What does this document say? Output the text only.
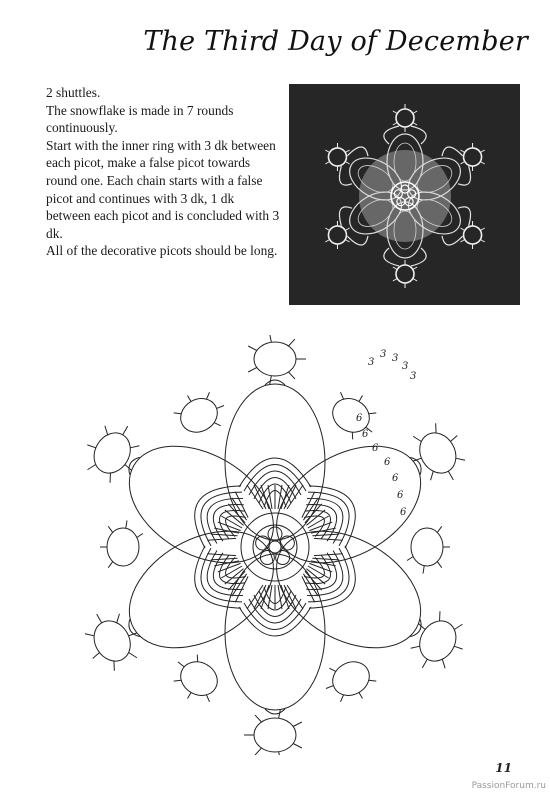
The Third Day of December

2 shuttles.

The snowflake is made in 7 rounds continuously.

Start with the inner ring with 3 dk between each picot, make a false picot towards round one. Each chain starts with a false picot and continues with 3 dk, 1 dk between each picot and is concluded with 3 dk.

All of the decorative picots should be long.

3
3 3
3
3
6
6
6
6
6
6
6
11
PassionForum.ru
